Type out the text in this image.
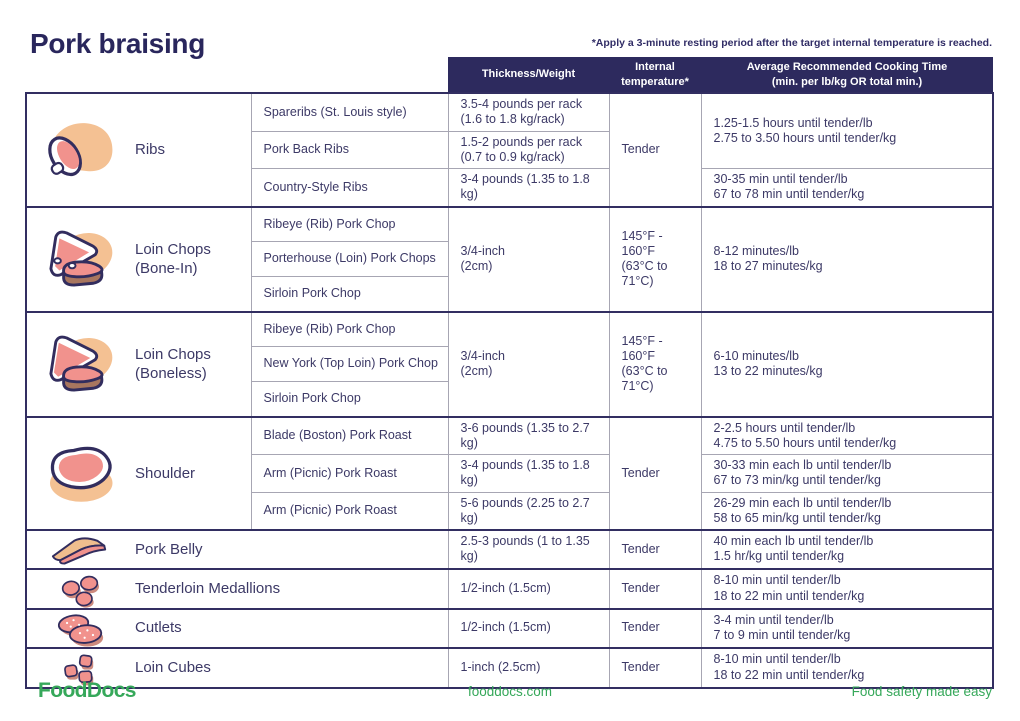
Pork braising	*Apply a 3-minute resting period after the target internal temperature is reached.
		Thickness/Weight	Internal
temperature*	Average Recommended Cooking Time
(min. per lb/kg OR total min.)

Ribs	Spareribs (St. Louis style)	3.5-4 pounds per rack
(1.6 to 1.8 kg/rack)	Tender	1.25-1.5 hours until tender/lb
2.75 to 3.50 hours until tender/kg

	Pork Back Ribs	1.5-2 pounds per rack
(0.7 to 0.9 kg/rack)		

	Country-Style Ribs	3-4 pounds (1.35 to 1.8 kg)		30-35 min until tender/lb
67 to 78 min until tender/kg

Loin Chops
(Bone-In)	Ribeye (Rib) Pork Chop	3/4-inch
(2cm)	145°F - 160°F
(63°C to 71°C)	8-12 minutes/lb
18 to 27 minutes/kg

	Porterhouse (Loin) Pork Chops			
	Sirloin Pork Chop			

Loin Chops
(Boneless)	Ribeye (Rib) Pork Chop	3/4-inch
(2cm)	145°F - 160°F
(63°C to 71°C)	6-10 minutes/lb
13 to 22 minutes/kg

	New York (Top Loin) Pork Chop			
	Sirloin Pork Chop			

Shoulder	Blade (Boston) Pork Roast	3-6 pounds (1.35 to 2.7 kg)	Tender	2-2.5 hours until tender/lb
4.75 to 5.50 hours until tender/kg

	Arm (Picnic) Pork Roast	3-4 pounds (1.35 to 1.8 kg)		30-33 min each lb until tender/lb
67 to 73 min/kg until tender/kg

	Arm (Picnic) Pork Roast	5-6 pounds (2.25 to 2.7 kg)		26-29 min each lb until tender/lb
58 to 65 min/kg until tender/kg

Pork Belly		2.5-3 pounds (1 to 1.35 kg)	Tender	40 min each lb until tender/lb
1.5 hr/kg until tender/kg

Tenderloin Medallions		1/2-inch (1.5cm)	Tender	8-10 min until tender/lb
18 to 22 min until tender/kg

Cutlets		1/2-inch (1.5cm)	Tender	3-4 min until tender/lb
7 to 9 min until tender/kg

Loin Cubes		1-inch (2.5cm)	Tender	8-10 min until tender/lb
18 to 22 min until tender/kg
FoodDocs	fooddocs.com	Food safety made easy
